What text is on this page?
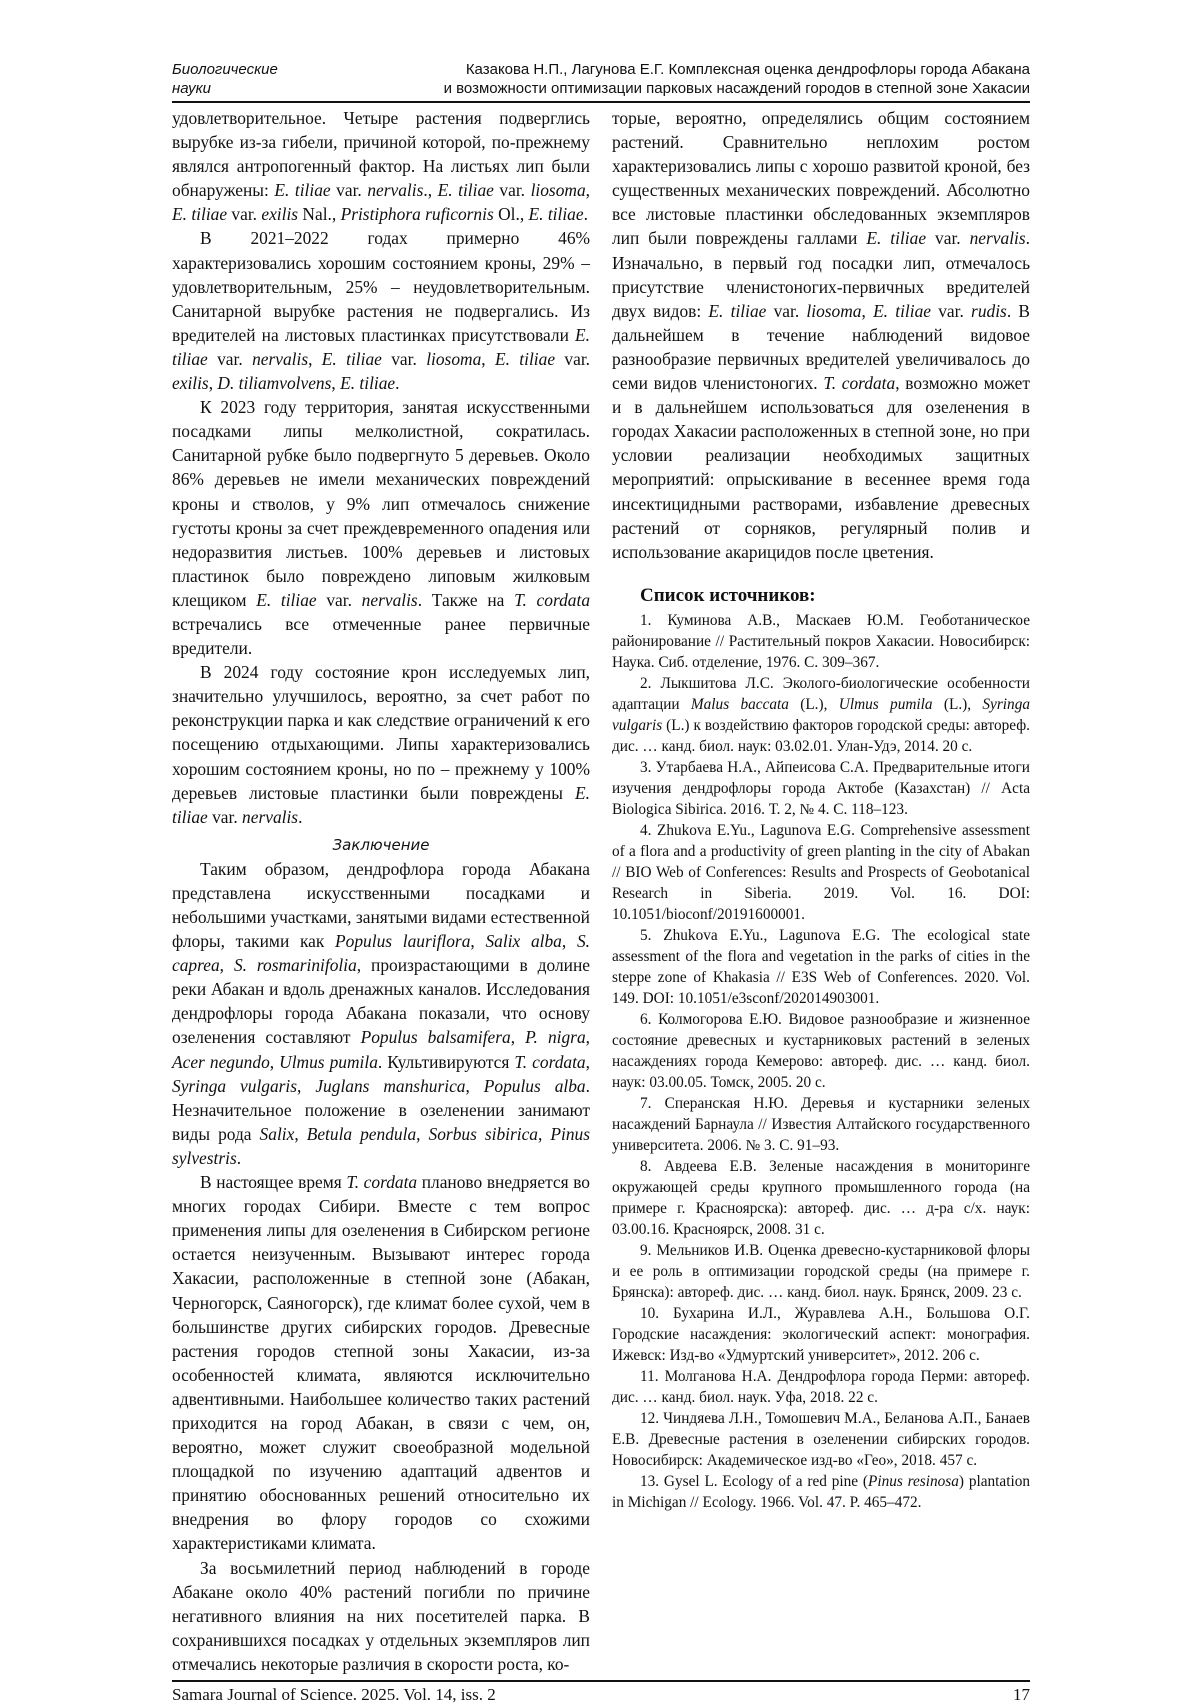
Биологические
науки
Казакова Н.П., Лагунова Е.Г. Комплексная оценка дендрофлоры города Абакана
и возможности оптимизации парковых насаждений городов в степной зоне Хакасии

удовлетворительное. Четыре растения подверглись вырубке из-за гибели, причиной которой, по-прежнему являлся антропогенный фактор. На листьях лип были обнаружены: E. tiliae var. nervalis., E. tiliae var. liosoma, E. tiliae var. exilis Nal., Pristiphora ruficornis Ol., E. tiliae.

В 2021–2022 годах примерно 46% характеризовались хорошим состоянием кроны, 29% – удовлетворительным, 25% – неудовлетворительным. Санитарной вырубке растения не подвергались. Из вредителей на листовых пластинках присутствовали E. tiliae var. nervalis, E. tiliae var. liosoma, E. tiliae var. exilis, D. tiliamvolvens, E. tiliae.

К 2023 году территория, занятая искусственными посадками липы мелколистной, сократилась. Санитарной рубке было подвергнуто 5 деревьев. Около 86% деревьев не имели механических повреждений кроны и стволов, у 9% лип отмечалось снижение густоты кроны за счет преждевременного опадения или недоразвития листьев. 100% деревьев и листовых пластинок было повреждено липовым жилковым клещиком E. tiliae var. nervalis. Также на T. cordata встречались все отмеченные ранее первичные вредители.

В 2024 году состояние крон исследуемых лип, значительно улучшилось, вероятно, за счет работ по реконструкции парка и как следствие ограничений к его посещению отдыхающими. Липы характеризовались хорошим состоянием кроны, но по – прежнему у 100% деревьев листовые пластинки были повреждены E. tiliae var. nervalis.

Заключение

Таким образом, дендрофлора города Абакана представлена искусственными посадками и небольшими участками, занятыми видами естественной флоры, такими как Populus lauriflora, Salix alba, S. caprea, S. rosmarinifolia, произрастающими в долине реки Абакан и вдоль дренажных каналов. Исследования дендрофлоры города Абакана показали, что основу озеленения составляют Populus balsamifera, P. nigra, Acer negundo, Ulmus pumila. Культивируются T. cordata, Syringa vulgaris, Juglans manshurica, Populus alba. Незначительное положение в озеленении занимают виды рода Salix, Betula pendula, Sorbus sibirica, Pinus sylvestris.

В настоящее время T. cordata планово внедряется во многих городах Сибири. Вместе с тем вопрос применения липы для озеленения в Сибирском регионе остается неизученным. Вызывают интерес города Хакасии, расположенные в степной зоне (Абакан, Черногорск, Саяногорск), где климат более сухой, чем в большинстве других сибирских городов. Древесные растения городов степной зоны Хакасии, из-за особенностей климата, являются исключительно адвентивными. Наибольшее количество таких растений приходится на город Абакан, в связи с чем, он, вероятно, может служит своеобразной модельной площадкой по изучению адаптаций адвентов и принятию обоснованных решений относительно их внедрения во флору городов со схожими характеристиками климата.

За восьмилетний период наблюдений в городе Абакане около 40% растений погибли по причине негативного влияния на них посетителей парка. В сохранившихся посадках у отдельных экземпляров лип отмечались некоторые различия в скорости роста, ко-

торые, вероятно, определялись общим состоянием растений. Сравнительно неплохим ростом характеризовались липы с хорошо развитой кроной, без существенных механических повреждений. Абсолютно все листовые пластинки обследованных экземпляров лип были повреждены галлами E. tiliae var. nervalis. Изначально, в первый год посадки лип, отмечалось присутствие членистоногих-первичных вредителей двух видов: E. tiliae var. liosoma, E. tiliae var. rudis. В дальнейшем в течение наблюдений видовое разнообразие первичных вредителей увеличивалось до семи видов членистоногих. T. cordata, возможно может и в дальнейшем использоваться для озеленения в городах Хакасии расположенных в степной зоне, но при условии реализации необходимых защитных мероприятий: опрыскивание в весеннее время года инсектицидными растворами, избавление древесных растений от сорняков, регулярный полив и использование акарицидов после цветения.

Список источников:

1. Куминова А.В., Маскаев Ю.М. Геоботаническое районирование // Растительный покров Хакасии. Новосибирск: Наука. Сиб. отделение, 1976. С. 309–367.

2. Лыкшитова Л.С. Эколого-биологические особенности адаптации Malus baccata (L.), Ulmus pumila (L.), Syringa vulgaris (L.) к воздействию факторов городской среды: автореф. дис. … канд. биол. наук: 03.02.01. Улан-Удэ, 2014. 20 с.

3. Утарбаева Н.А., Айпеисова С.А. Предварительные итоги изучения дендрофлоры города Актобе (Казахстан) // Acta Biologica Sibirica. 2016. Т. 2, № 4. С. 118–123.

4. Zhukova E.Yu., Lagunova E.G. Comprehensive assessment of a flora and a productivity of green planting in the city of Abakan // BIO Web of Conferences: Results and Prospects of Geobotanical Research in Siberia. 2019. Vol. 16. DOI: 10.1051/bioconf/20191600001.

5. Zhukova E.Yu., Lagunova E.G. The ecological state assessment of the flora and vegetation in the parks of cities in the steppe zone of Khakasia // E3S Web of Conferences. 2020. Vol. 149. DOI: 10.1051/e3sconf/202014903001.

6. Колмогорова Е.Ю. Видовое разнообразие и жизненное состояние древесных и кустарниковых растений в зеленых насаждениях города Кемерово: автореф. дис. … канд. биол. наук: 03.00.05. Томск, 2005. 20 с.

7. Сперанская Н.Ю. Деревья и кустарники зеленых насаждений Барнаула // Известия Алтайского государственного университета. 2006. № 3. С. 91–93.

8. Авдеева Е.В. Зеленые насаждения в мониторинге окружающей среды крупного промышленного города (на примере г. Красноярска): автореф. дис. … д-ра с/х. наук: 03.00.16. Красноярск, 2008. 31 с.

9. Мельников И.В. Оценка древесно-кустарниковой флоры и ее роль в оптимизации городской среды (на примере г. Брянска): автореф. дис. … канд. биол. наук. Брянск, 2009. 23 с.

10. Бухарина И.Л., Журавлева А.Н., Большова О.Г. Городские насаждения: экологический аспект: монография. Ижевск: Изд-во «Удмуртский университет», 2012. 206 с.

11. Молганова Н.А. Дендрофлора города Перми: автореф. дис. … канд. биол. наук. Уфа, 2018. 22 с.

12. Чиндяева Л.Н., Томошевич М.А., Беланова А.П., Банаев Е.В. Древесные растения в озеленении сибирских городов. Новосибирск: Академическое изд-во «Гео», 2018. 457 с.

13. Gysel L. Ecology of a red pine (Pinus resinosa) plantation in Michigan // Ecology. 1966. Vol. 47. P. 465–472.

Samara Journal of Science. 2025. Vol. 14, iss. 2	17
